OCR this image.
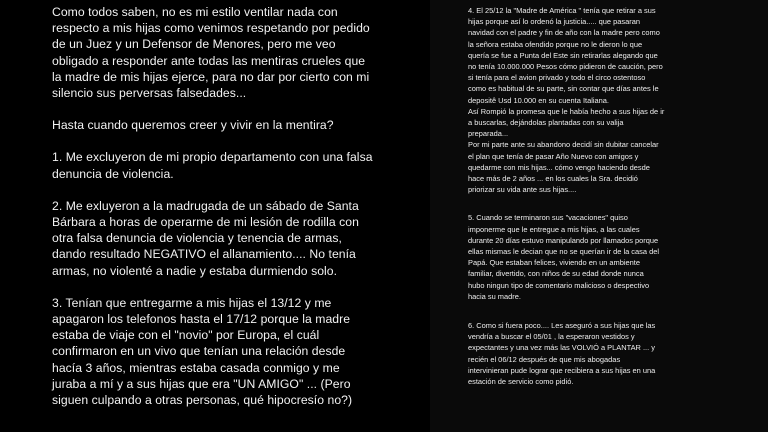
Como todos saben, no es mi estilo ventilar nada con
respecto a mis hijas como venimos respetando por pedido
de un Juez y un Defensor de Menores, pero me veo
obligado a responder ante todas las mentiras crueles que
la madre de mis hijas ejerce, para no dar por cierto con mi
silencio sus perversas falsedades...

Hasta cuando queremos creer y vivir en la mentira?

1. Me excluyeron de mi propio departamento con una falsa
denuncia de violencia.

2. Me exluyeron a la madrugada de un sábado de Santa
Bárbara a horas de operarme de mi lesión de rodilla con
otra falsa denuncia de violencia y tenencia de armas,
dando resultado NEGATIVO el allanamiento.... No tenía
armas, no violenté a nadie y estaba durmiendo solo.

3. Tenían que entregarme a mis hijas el 13/12 y me
apagaron los telefonos hasta el 17/12 porque la madre
estaba de viaje con el "novio" por Europa, el cuál
confirmaron en un vivo que tenían una relación desde
hacía 3 años, mientras estaba casada conmigo y me
juraba a mí y a sus hijas que era "UN AMIGO" ... (Pero
siguen culpando a otras personas, qué hipocresío no?)

4. El 25/12 la "Madre de América " tenía que retirar a sus
hijas porque así lo ordenó la justicia..... que pasaran
navidad con el padre y fin de año con la madre pero como
la señora estaba ofendido porque no le dieron lo que
quería se fue a Punta del Este sin retirarlas alegando que
no tenía 10.000.000 Pesos cómo pidieron de caución, pero
si tenía para el avion privado y todo el circo ostentoso
como es habitual de su parte, sin contar que días antes le
depositê Usd 10.000 en su cuenta Italiana.
Así Rompió la promesa que le había hecho a sus hijas de ir
a buscarlas, dejándolas plantadas con su valija
preparada...
Por mi parte ante su abandono decidí sin dubitar cancelar
el plan que tenía de pasar Año Nuevo con amigos y
quedarme con mis hijas... cómo vengo haciendo desde
hace más de 2 años ... en los cuales la Sra. decidió
priorizar su vida ante sus hijas....

5. Cuando se terminaron sus "vacaciones" quiso
imponerme que le entregue a mis hijas, a las cuales
durante 20 días estuvo manipulando por llamados porque
ellas mismas le decian que no se querían ir de la casa del
Papá. Que estaban felices, viviendo en un ambiente
familiar, divertido, con niños de su edad donde nunca
hubo ningun tipo de comentario malicioso o despectivo
hacia su madre.

6. Como si fuera poco.... Les aseguró a sus hijas que las
vendría a buscar el 05/01 , la esperaron vestidos y
expectantes y una vez más las VOLVIÓ a PLANTAR ... y
recién el 06/12 después de que mis abogadas
intervinieran pude lograr que recibiera a sus hijas en una
estación de servicio como pidió.
